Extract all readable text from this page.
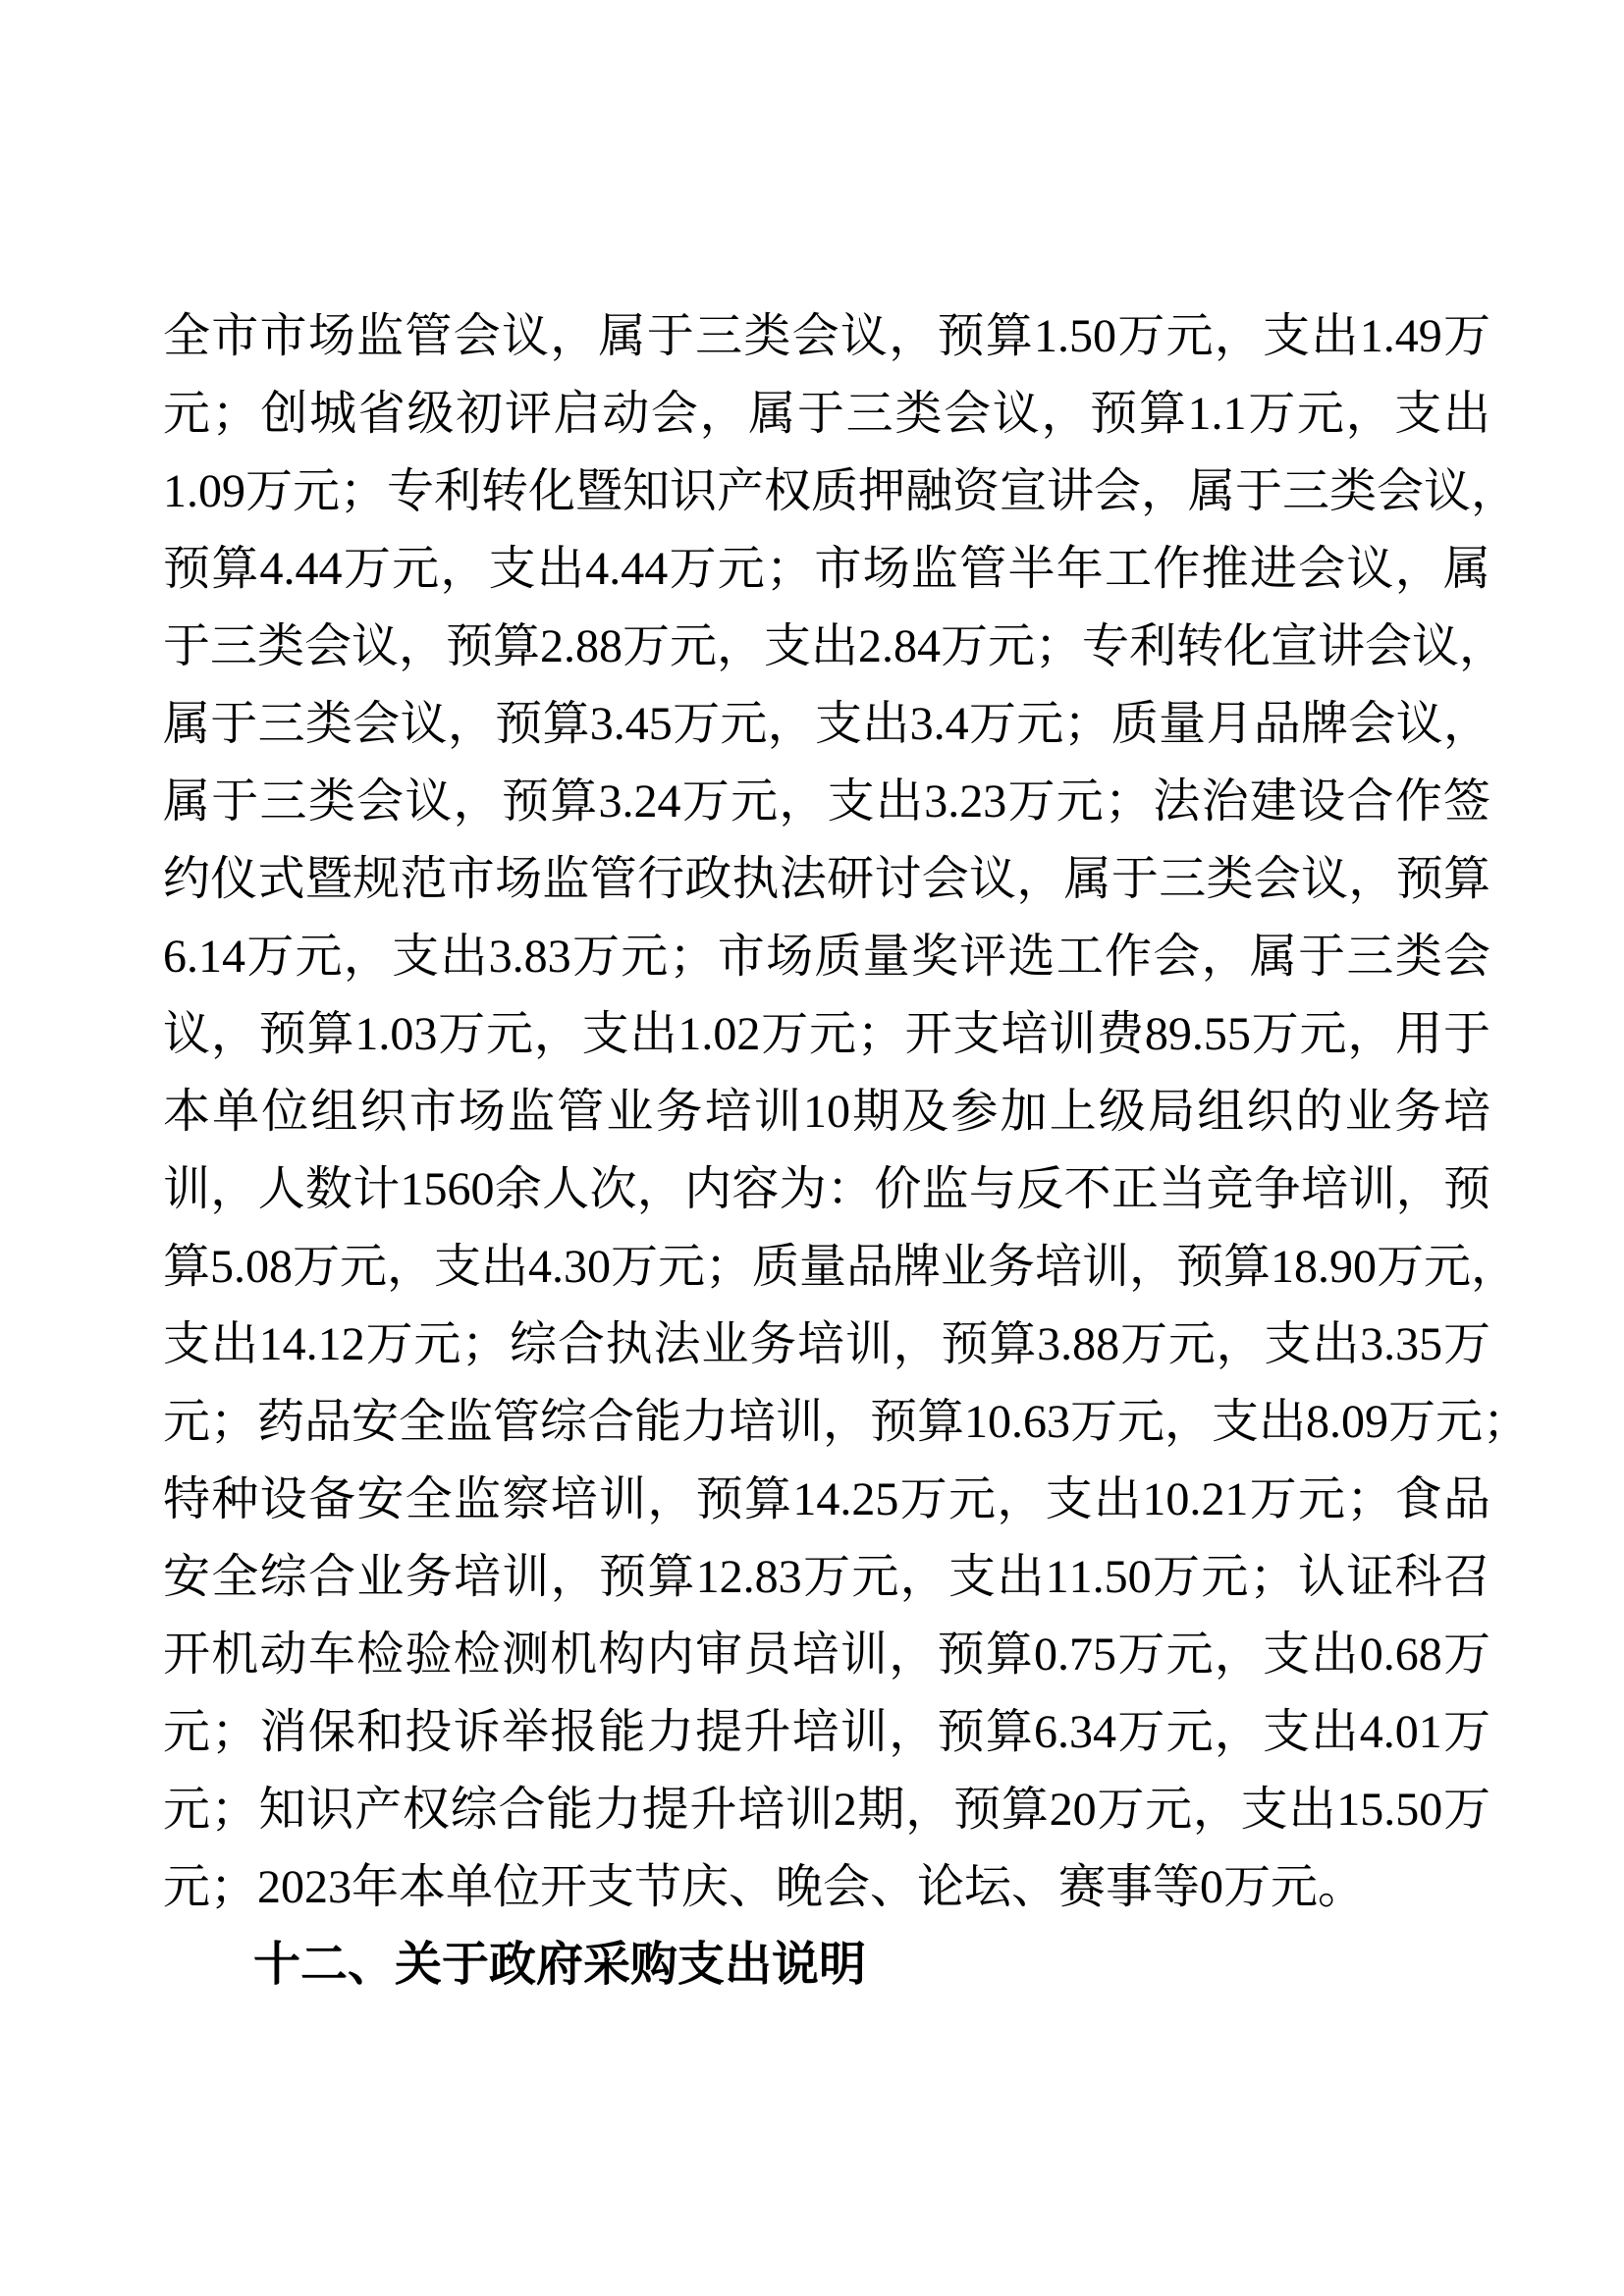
全市市场监管会议，属于三类会议，预算1.50万元，支出1.49万
元；创城省级初评启动会，属于三类会议，预算1.1万元，支出
1.09万元；专利转化暨知识产权质押融资宣讲会，属于三类会议，
预算4.44万元，支出4.44万元；市场监管半年工作推进会议，属
于三类会议，预算2.88万元，支出2.84万元；专利转化宣讲会议，
属于三类会议，预算3.45万元，支出3.4万元；质量月品牌会议，
属于三类会议，预算3.24万元，支出3.23万元；法治建设合作签
约仪式暨规范市场监管行政执法研讨会议，属于三类会议，预算
6.14万元，支出3.83万元；市场质量奖评选工作会，属于三类会
议，预算1.03万元，支出1.02万元；开支培训费89.55万元，用于
本单位组织市场监管业务培训10期及参加上级局组织的业务培
训，人数计1560余人次，内容为：价监与反不正当竞争培训，预
算5.08万元，支出4.30万元；质量品牌业务培训，预算18.90万元，
支出14.12万元；综合执法业务培训，预算3.88万元，支出3.35万
元；药品安全监管综合能力培训，预算10.63万元，支出8.09万元；
特种设备安全监察培训，预算14.25万元，支出10.21万元；食品
安全综合业务培训，预算12.83万元，支出11.50万元；认证科召
开机动车检验检测机构内审员培训，预算0.75万元，支出0.68万
元；消保和投诉举报能力提升培训，预算6.34万元，支出4.01万
元；知识产权综合能力提升培训2期，预算20万元，支出15.50万
元；2023年本单位开支节庆、晚会、论坛、赛事等0万元。
十二、关于政府采购支出说明
